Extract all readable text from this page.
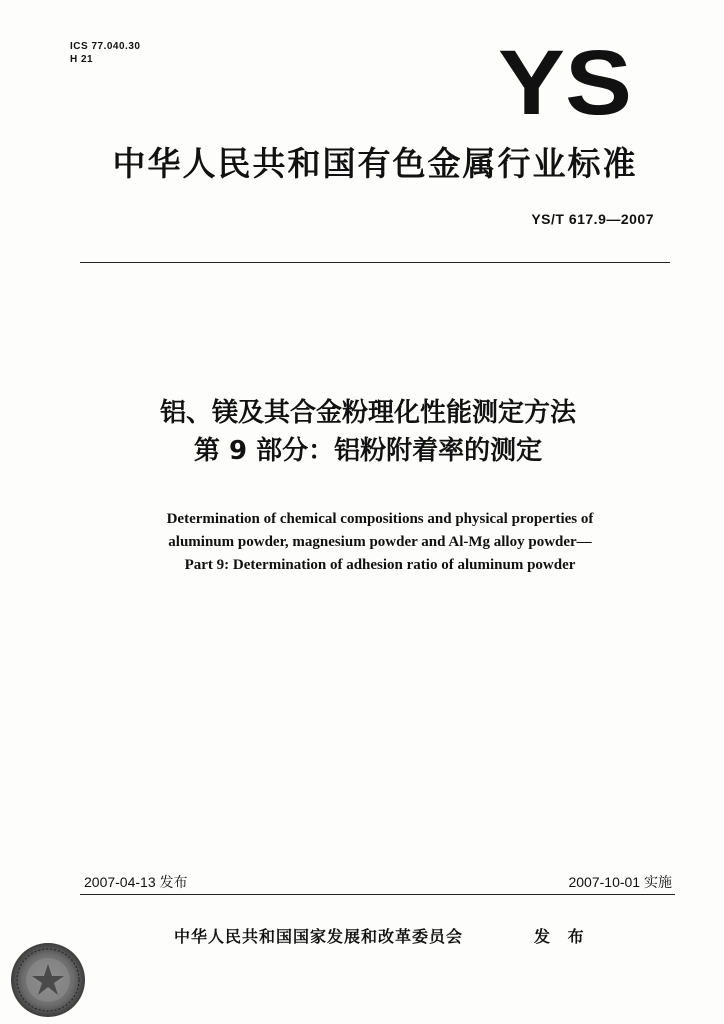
ICS 77.040.30
H 21	YS
中华人民共和国有色金属行业标准
YS/T 617.9—2007
铝、镁及其合金粉理化性能测定方法
第 9 部分：铝粉附着率的测定
Determination of chemical compositions and physical properties of
aluminum powder, magnesium powder and Al-Mg alloy powder—
Part 9: Determination of adhesion ratio of aluminum powder
2007-04-13 发布	2007-10-01 实施
中华人民共和国国家发展和改革委员会	发 布
